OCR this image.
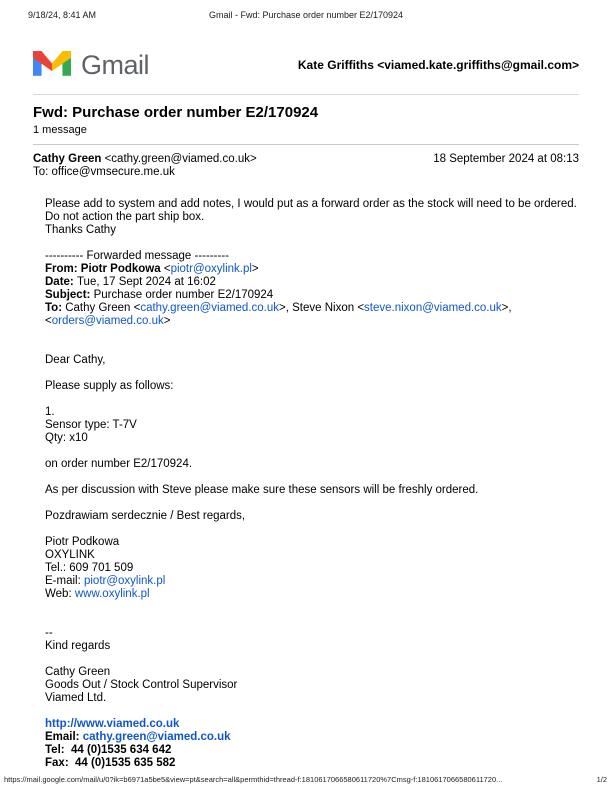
9/18/24, 8:41 AM	Gmail - Fwd: Purchase order number E2/170924
Gmail	Kate Griffiths <viamed.kate.griffiths@gmail.com>
Fwd: Purchase order number E2/170924
1 message
Cathy Green <cathy.green@viamed.co.uk>	18 September 2024 at 08:13
To: office@vmsecure.me.uk
Please add to system and add notes, I would put as a forward order as the stock will need to be ordered.
Do not action the part ship box.
Thanks Cathy

---------- Forwarded message ---------
From: Piotr Podkowa <piotr@oxylink.pl>
Date: Tue, 17 Sept 2024 at 16:02
Subject: Purchase order number E2/170924
To: Cathy Green <cathy.green@viamed.co.uk>, Steve Nixon <steve.nixon@viamed.co.uk>,
<orders@viamed.co.uk>

Dear Cathy,

Please supply as follows:

1.
Sensor type: T-7V
Qty: x10

on order number E2/170924.

As per discussion with Steve please make sure these sensors will be freshly ordered.

Pozdrawiam serdecznie / Best regards,

Piotr Podkowa
OXYLINK
Tel.: 609 701 509
E-mail: piotr@oxylink.pl
Web: www.oxylink.pl

--
Kind regards

Cathy Green
Goods Out / Stock Control Supervisor
Viamed Ltd.

http://www.viamed.co.uk
Email: cathy.green@viamed.co.uk
Tel:  44 (0)1535 634 642
Fax:  44 (0)1535 635 582
https://mail.google.com/mail/u/0?ik=b6971a5be5&view=pt&search=all&permthid=thread-f:1810617066580611720%7Cmsg-f:1810617066580611720...	1/2
